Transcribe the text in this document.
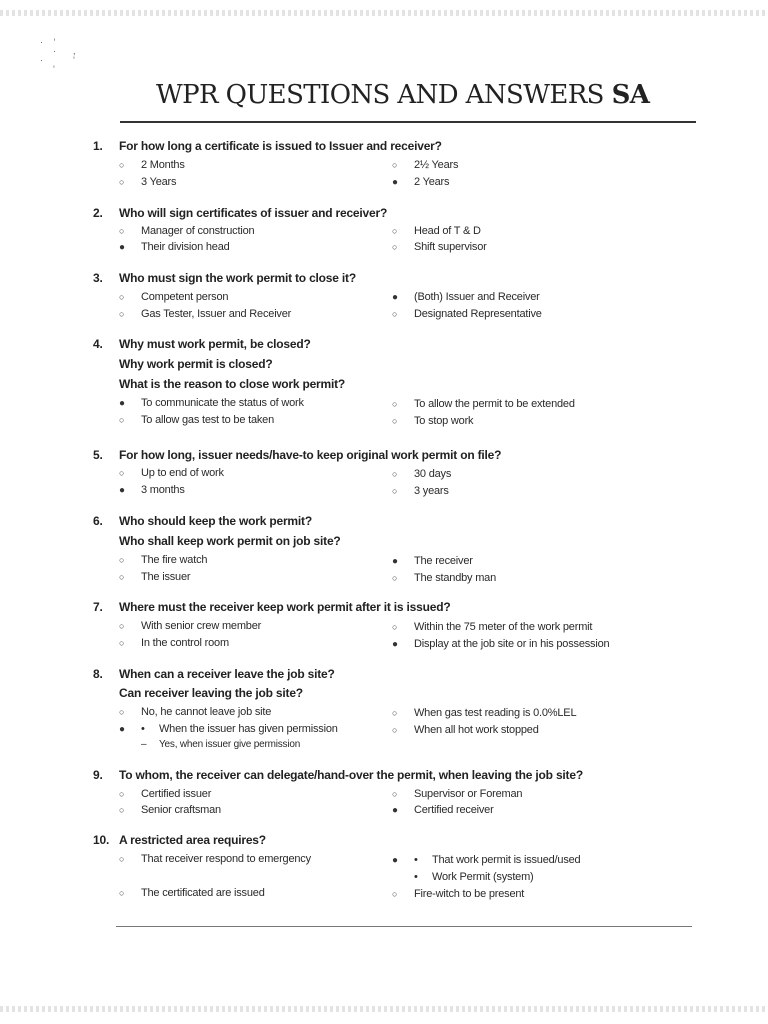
· ‘
·  ,
·    ‘
‘
WPR QUESTIONS AND ANSWERS SA
1. For how long a certificate is issued to Issuer and receiver?
○ 2 Months	○ 2½ Years
○ 3 Years	● 2 Years
2. Who will sign certificates of issuer and receiver?
○ Manager of construction	○ Head of T & D
● Their division head	○ Shift supervisor
3. Who must sign the work permit to close it?
○ Competent person	● (Both) Issuer and Receiver
○ Gas Tester, Issuer and Receiver	○ Designated Representative
4. Why must work permit, be closed?
Why work permit is closed?
What is the reason to close work permit?
● To communicate the status of work	○ To allow the permit to be extended
○ To allow gas test to be taken	○ To stop work
5. For how long, issuer needs/have-to keep original work permit on file?
○ Up to end of work	○ 30 days
● 3 months	○ 3 years
6. Who should keep the work permit?
Who shall keep work permit on job site?
○ The fire watch	● The receiver
○ The issuer	○ The standby man
7. Where must the receiver keep work permit after it is issued?
○ With senior crew member	○ Within the 75 meter of the work permit
○ In the control room	● Display at the job site or in his possession
8. When can a receiver leave the job site?
Can receiver leaving the job site?
○ No, he cannot leave job site	○ When gas test reading is 0.0%LEL
● • When the issuer has given permission	○ When all hot work stopped
– Yes, when issuer give permission
9. To whom, the receiver can delegate/hand-over the permit, when leaving the job site?
○ Certified issuer	○ Supervisor or Foreman
○ Senior craftsman	● Certified receiver
10. A restricted area requires?
○ That receiver respond to emergency	● • That work permit is issued/used
• Work Permit (system)
○ The certificated are issued	○ Fire-witch to be present
